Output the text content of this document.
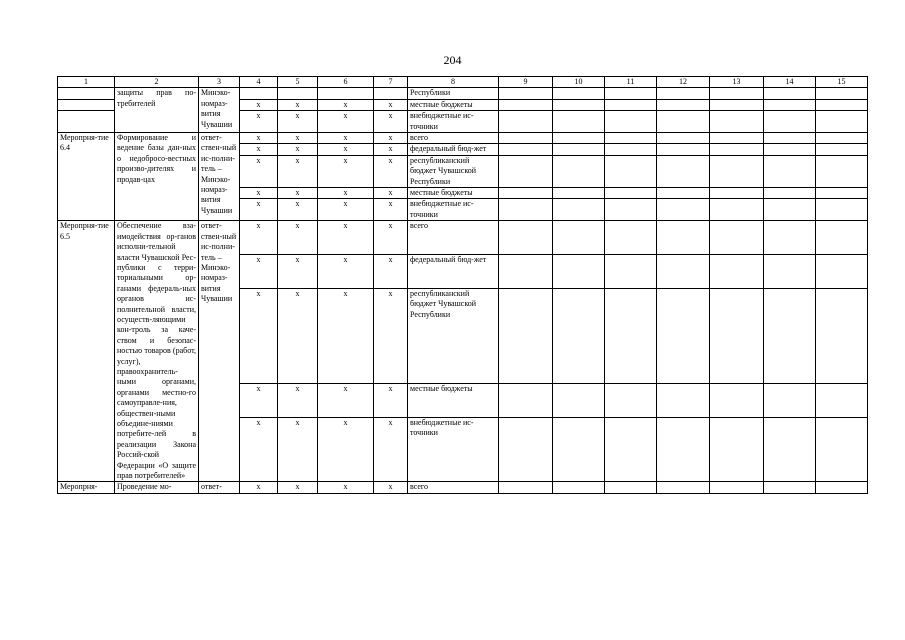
204
1	2	3	4	5	6	7	8	9	10	11	12	13	14	15
	защиты прав по-требителей	Минэко-номраз-вития Чувашии					Республики							
			x	x	x	x	местные бюджеты							
			x	x	x	x	внебюджетные ис-точники							
Меропрня-тие 6.4	Формирование и ведение базы дан-ных о недобросо-вестных произво-дителях и продав-цах	ответ-ствен-ный ис-полни-тель – Минэко-номраз-вития Чувашии	x	x	x	x	всего							
			x	x	x	x	федеральный бюд-жет							
			x	x	x	x	республиканский бюджет Чувашской Республики							
			x	x	x	x	местные бюджеты							
			x	x	x	x	внебюджетные ис-точники							
Меропрня-тие 6.5	Обеспечение вза-имодействия ор-ганов исполни-тельной власти Чувашской Рес-публики с терри-ториальными ор-ганами федераль-ных органов ис-полнительной власти, осуществ-ляющими кон-троль за каче-ством и безопас-ностью товаров (работ, услуг), правоохранитель-ными органами, органами местно-го самоуправле-ния, обществен-ными объедине-ниями потребите-лей в реализации Закона Россий-ской Федерации «О защите прав потребителей»	ответ-ствен-ный ис-полни-тель – Минэко-номраз-вития Чувашии	x	x	x	x	всего							
			x	x	x	x	федеральный бюд-жет							
			x	x	x	x	республиканский бюджет Чувашской Республики							
			x	x	x	x	местные бюджеты							
			x	x	x	x	внебюджетные ис-точники							
Меропрня-	Проведение мо-	ответ-	x	x	x	x	всего							
